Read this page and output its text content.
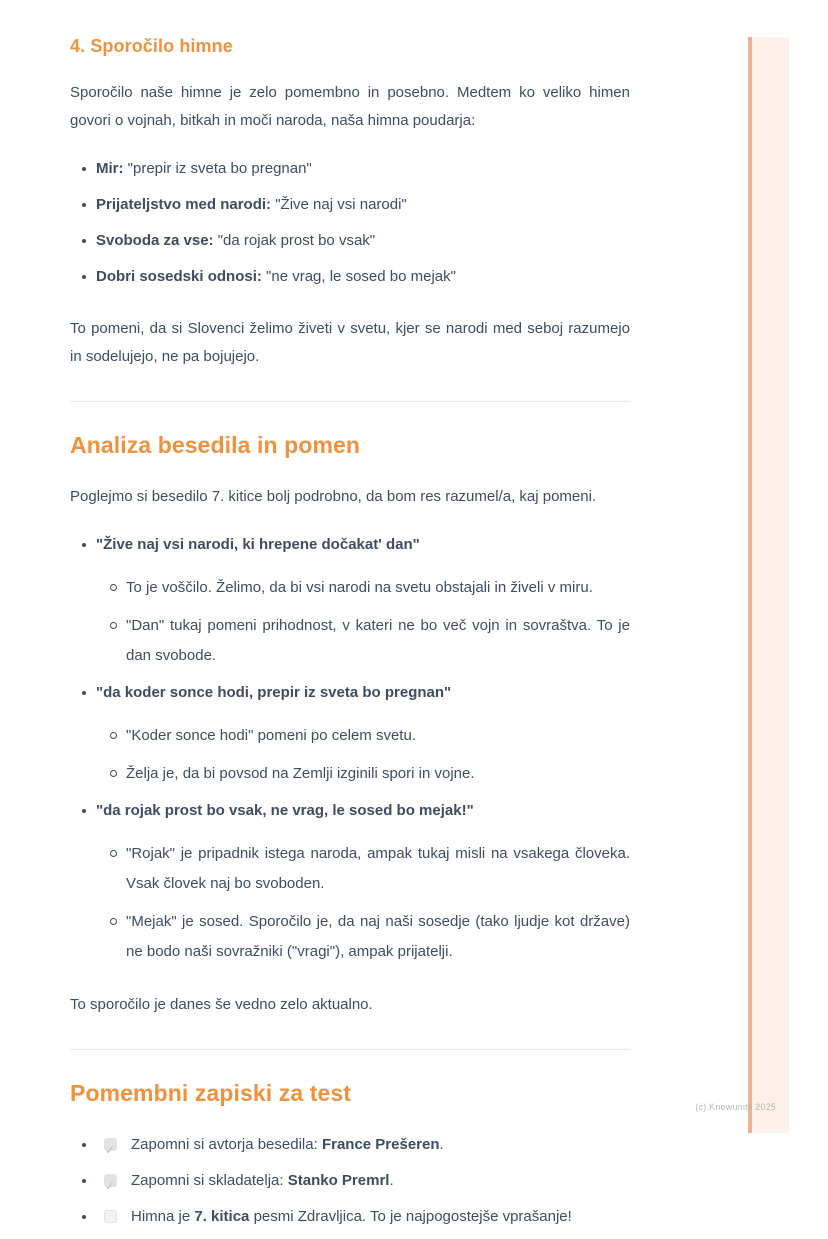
4. Sporočilo himne

Sporočilo naše himne je zelo pomembno in posebno. Medtem ko veliko himen govori o vojnah, bitkah in moči naroda, naša himna poudarja:

Mir: "prepir iz sveta bo pregnan"
Prijateljstvo med narodi: "Žive naj vsi narodi"
Svoboda za vse: "da rojak prost bo vsak"
Dobri sosedski odnosi: "ne vrag, le sosed bo mejak"

To pomeni, da si Slovenci želimo živeti v svetu, kjer se narodi med seboj razumejo in sodelujejo, ne pa bojujejo.

Analiza besedila in pomen

Poglejmo si besedilo 7. kitice bolj podrobno, da bom res razumel/a, kaj pomeni.

"Žive naj vsi narodi, ki hrepene dočakat' dan"
To je voščilo. Želimo, da bi vsi narodi na svetu obstajali in živeli v miru.
"Dan" tukaj pomeni prihodnost, v kateri ne bo več vojn in sovraštva. To je dan svobode.
"da koder sonce hodi, prepir iz sveta bo pregnan"
"Koder sonce hodi" pomeni po celem svetu.
Želja je, da bi povsod na Zemlji izginili spori in vojne.
"da rojak prost bo vsak, ne vrag, le sosed bo mejak!"
"Rojak" je pripadnik istega naroda, ampak tukaj misli na vsakega človeka. Vsak človek naj bo svoboden.
"Mejak" je sosed. Sporočilo je, da naj naši sosedje (tako ljudje kot države) ne bodo naši sovražniki ("vragi"), ampak prijatelji.

To sporočilo je danes še vedno zelo aktualno.

Pomembni zapiski za test
✓ Zapomni si avtorja besedila: France Prešeren.
✓ Zapomni si skladatelja: Stanko Premrl.
Himna je 7. kitica pesmi Zdravljica. To je najpogostejše vprašanje!
(c) Knowunity 2025
